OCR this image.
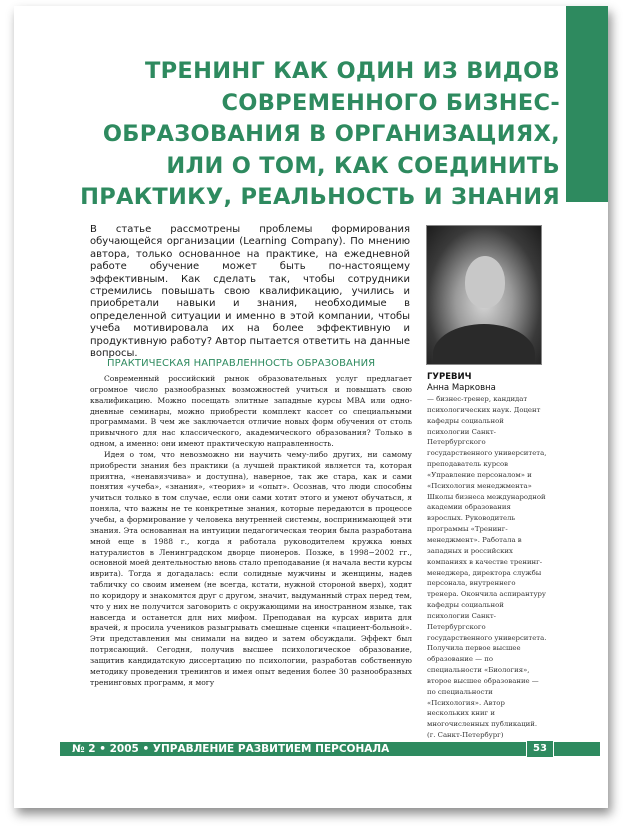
ТРЕНИНГ КАК ОДИН ИЗ ВИДОВ
СОВРЕМЕННОГО БИЗНЕС-
ОБРАЗОВАНИЯ В ОРГАНИЗАЦИЯХ,
ИЛИ О ТОМ, КАК СОЕДИНИТЬ
ПРАКТИКУ, РЕАЛЬНОСТЬ И ЗНАНИЯ
В статье рассмотрены проблемы формирования обучающейся организации (Learning Company). По мнению автора, только основанное на практике, на ежедневной работе обучение может быть по-настоящему эффективным. Как сделать так, чтобы сотрудники стремились повышать свою квалификацию, учились и приобретали навыки и знания, необходимые в определенной ситуации и именно в этой компании, чтобы учеба мотивировала их на более эффективную и продуктивную работу? Автор пытается ответить на данные вопросы.
ПРАКТИЧЕСКАЯ НАПРАВЛЕННОСТЬ ОБРАЗОВАНИЯ

Современный российский рынок образовательных услуг предлагает огромное число разнообразных возможностей учиться и повышать свою квалификацию. Можно посещать элитные западные курсы MBA или однодневные семинары, можно приобрести комплект кассет со специальными программами. В чем же заключается отличие новых форм обучения от столь привычного для нас классического, академического образования? Только в одном, а именно: они имеют практическую направленность.

Идея о том, что невозможно ни научить чему-либо других, ни самому приобрести знания без практики (а лучшей практикой является та, которая приятна, «ненавязчива» и доступна), наверное, так же стара, как и сами понятия «учеба», «знания», «теория» и «опыт». Осознав, что люди способны учиться только в том случае, если они сами хотят этого и умеют обучаться, я поняла, что важны не те конкретные знания, которые передаются в процессе учебы, а формирование у человека внутренней системы, воспринимающей эти знания. Эта основанная на интуиции педагогическая теория была разработана мной еще в 1988 г., когда я работала руководителем кружка юных натуралистов в Ленинградском дворце пионеров. Позже, в 1998−2002 гг., основной моей деятельностью вновь стало преподавание (я начала вести курсы иврита). Тогда я догадалась: если солидные мужчины и женщины, надев табличку со своим именем (не всегда, кстати, нужной стороной вверх), ходят по коридору и знакомятся друг с другом, значит, выдуманный страх перед тем, что у них не получится заговорить с окружающими на иностранном языке, так навсегда и останется для них мифом. Преподавая на курсах иврита для врачей, я просила учеников разыгрывать смешные сценки «пациент-больной». Эти представления мы снимали на видео и затем обсуждали. Эффект был потрясающий. Сегодня, получив высшее психологическое образование, защитив кандидатскую диссертацию по психологии, разработав собственную методику проведения тренингов и имея опыт ведения более 30 разнообразных тренинговых программ, я могу

ГУРЕВИЧ
Анна Марковна
— бизнес-тренер, кандидат психологических наук. Доцент кафедры социальной психологии Санкт-Петербургского государственного университета, преподаватель курсов «Управление персоналом» и «Психология менеджмента» Школы бизнеса международной академии образования взрослых. Руководитель программы «Тренинг-менеджмент». Работала в западных и российских компаниях в качестве тренинг-менеджера, директора службы персонала, внутреннего тренера. Окончила аспирантуру кафедры социальной психологии Санкт-Петербургского государственного университета. Получила первое высшее образование — по специальности «Биология», второе высшее образование — по специальности «Психология». Автор нескольких книг и многочисленных публикаций. (г. Санкт-Петербург)
№ 2 • 2005 • УПРАВЛЕНИЕ РАЗВИТИЕМ ПЕРСОНАЛА	53
